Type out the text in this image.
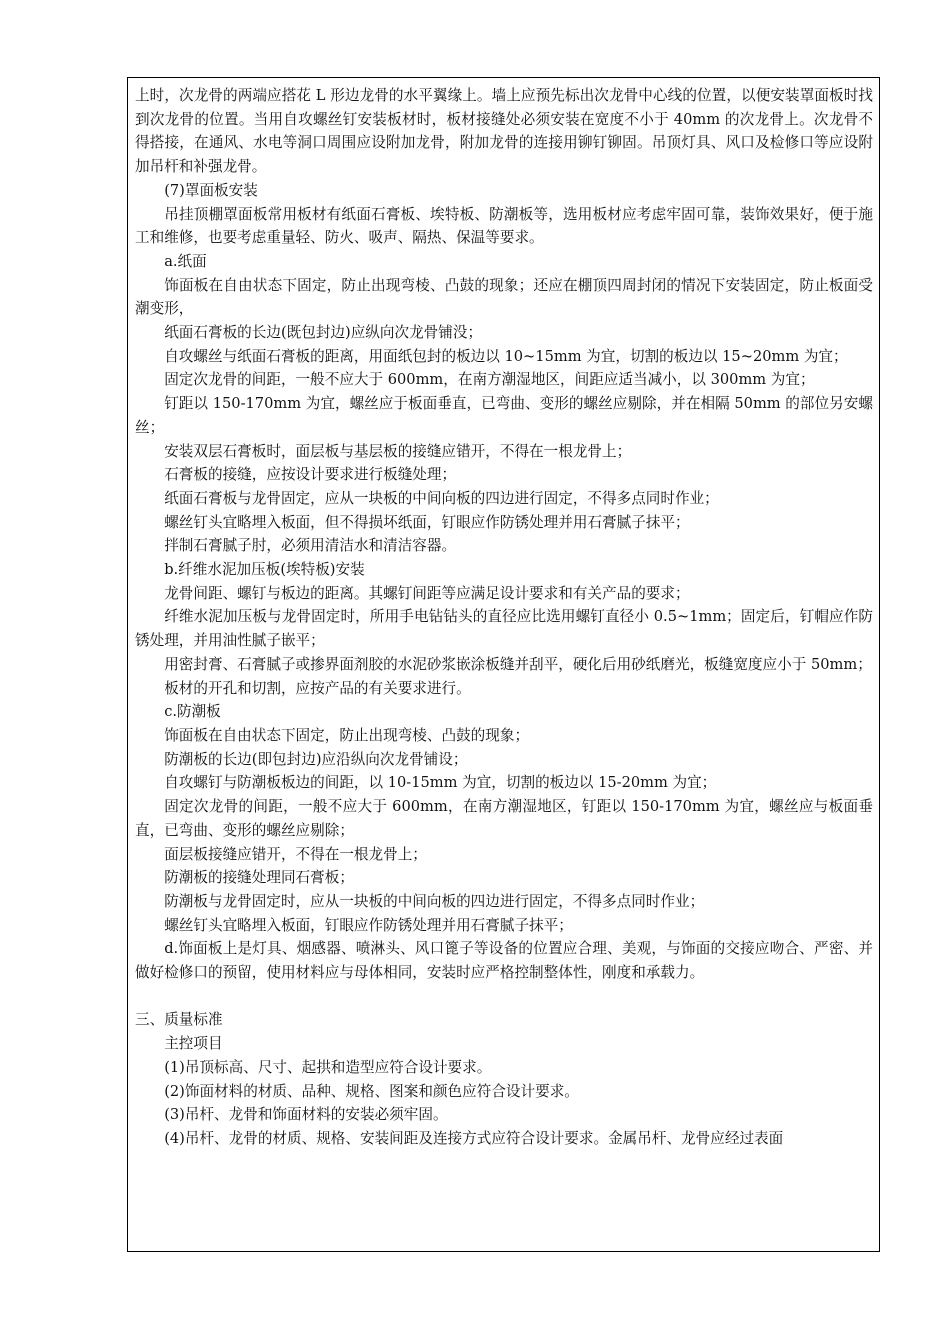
上时，次龙骨的两端应搭花 L 形边龙骨的水平翼缘上。墙上应预先标出次龙骨中心线的位置，以便安装罩面板时找到次龙骨的位置。当用自攻螺丝钉安装板材时，板材接缝处必须安装在宽度不小于 40mm 的次龙骨上。次龙骨不得搭接，在通风、水电等洞口周围应设附加龙骨，附加龙骨的连接用铆钉铆固。吊顶灯具、风口及检修口等应设附加吊杆和补强龙骨。

(7)罩面板安装

吊挂顶棚罩面板常用板材有纸面石膏板、埃特板、防潮板等，选用板材应考虑牢固可靠，装饰效果好，便于施工和维修，也要考虑重量轻、防火、吸声、隔热、保温等要求。

a.纸面

饰面板在自由状态下固定，防止出现弯棱、凸鼓的现象；还应在棚顶四周封闭的情况下安装固定，防止板面受潮变形，

纸面石膏板的长边(既包封边)应纵向次龙骨铺没；

自攻螺丝与纸面石膏板的距离，用面纸包封的板边以 10~15mm 为宜，切割的板边以 15~20mm 为宜；

固定次龙骨的间距，一般不应大于 600mm，在南方潮湿地区，间距应适当减小，以 300mm 为宜；

钉距以 150-170mm 为宜，螺丝应于板面垂直，已弯曲、变形的螺丝应剔除，并在相隔 50mm 的部位另安螺丝；

安装双层石膏板时，面层板与基层板的接缝应错开，不得在一根龙骨上；

石膏板的接缝，应按设计要求进行板缝处理；

纸面石膏板与龙骨固定，应从一块板的中间向板的四边进行固定，不得多点同时作业；

螺丝钉头宜略埋入板面，但不得损坏纸面，钉眼应作防锈处理并用石膏腻子抹平；

拌制石膏腻子肘，必须用清洁水和清洁容器。

b.纤维水泥加压板(埃特板)安装

龙骨间距、螺钉与板边的距离。其螺钉间距等应满足设计要求和有关产品的要求；

纤维水泥加压板与龙骨固定时，所用手电钻钻头的直径应比选用螺钉直径小 0.5~1mm；固定后，钉帽应作防锈处理，并用油性腻子嵌平；

用密封膏、石膏腻子或掺界面剂胶的水泥砂浆嵌涂板缝并刮平，硬化后用砂纸磨光，板缝宽度应小于 50mm；

板材的开孔和切割，应按产品的有关要求进行。

c.防潮板

饰面板在自由状态下固定，防止出现弯棱、凸鼓的现象；

防潮板的长边(即包封边)应沿纵向次龙骨铺设；

自攻螺钉与防潮板板边的间距，以 10-15mm 为宜，切割的板边以 15-20mm 为宜；

固定次龙骨的间距，一般不应大于 600mm，在南方潮湿地区，钉距以 150-170mm 为宜，螺丝应与板面垂直，已弯曲、变形的螺丝应剔除；

面层板接缝应错开，不得在一根龙骨上；

防潮板的接缝处理同石膏板；

防潮板与龙骨固定时，应从一块板的中间向板的四边进行固定，不得多点同时作业；

螺丝钉头宜略埋入板面，钉眼应作防锈处理并用石膏腻子抹平；

d.饰面板上是灯具、烟感器、喷淋头、风口篦子等设备的位置应合理、美观，与饰面的交接应吻合、严密、并做好检修口的预留，使用材料应与母体相同，安装时应严格控制整体性，刚度和承载力。

三、质量标准

主控项目

(1)吊顶标高、尺寸、起拱和造型应符合设计要求。

(2)饰面材料的材质、品种、规格、图案和颜色应符合设计要求。

(3)吊杆、龙骨和饰面材料的安装必须牢固。

(4)吊杆、龙骨的材质、规格、安装间距及连接方式应符合设计要求。金属吊杆、龙骨应经过表面
